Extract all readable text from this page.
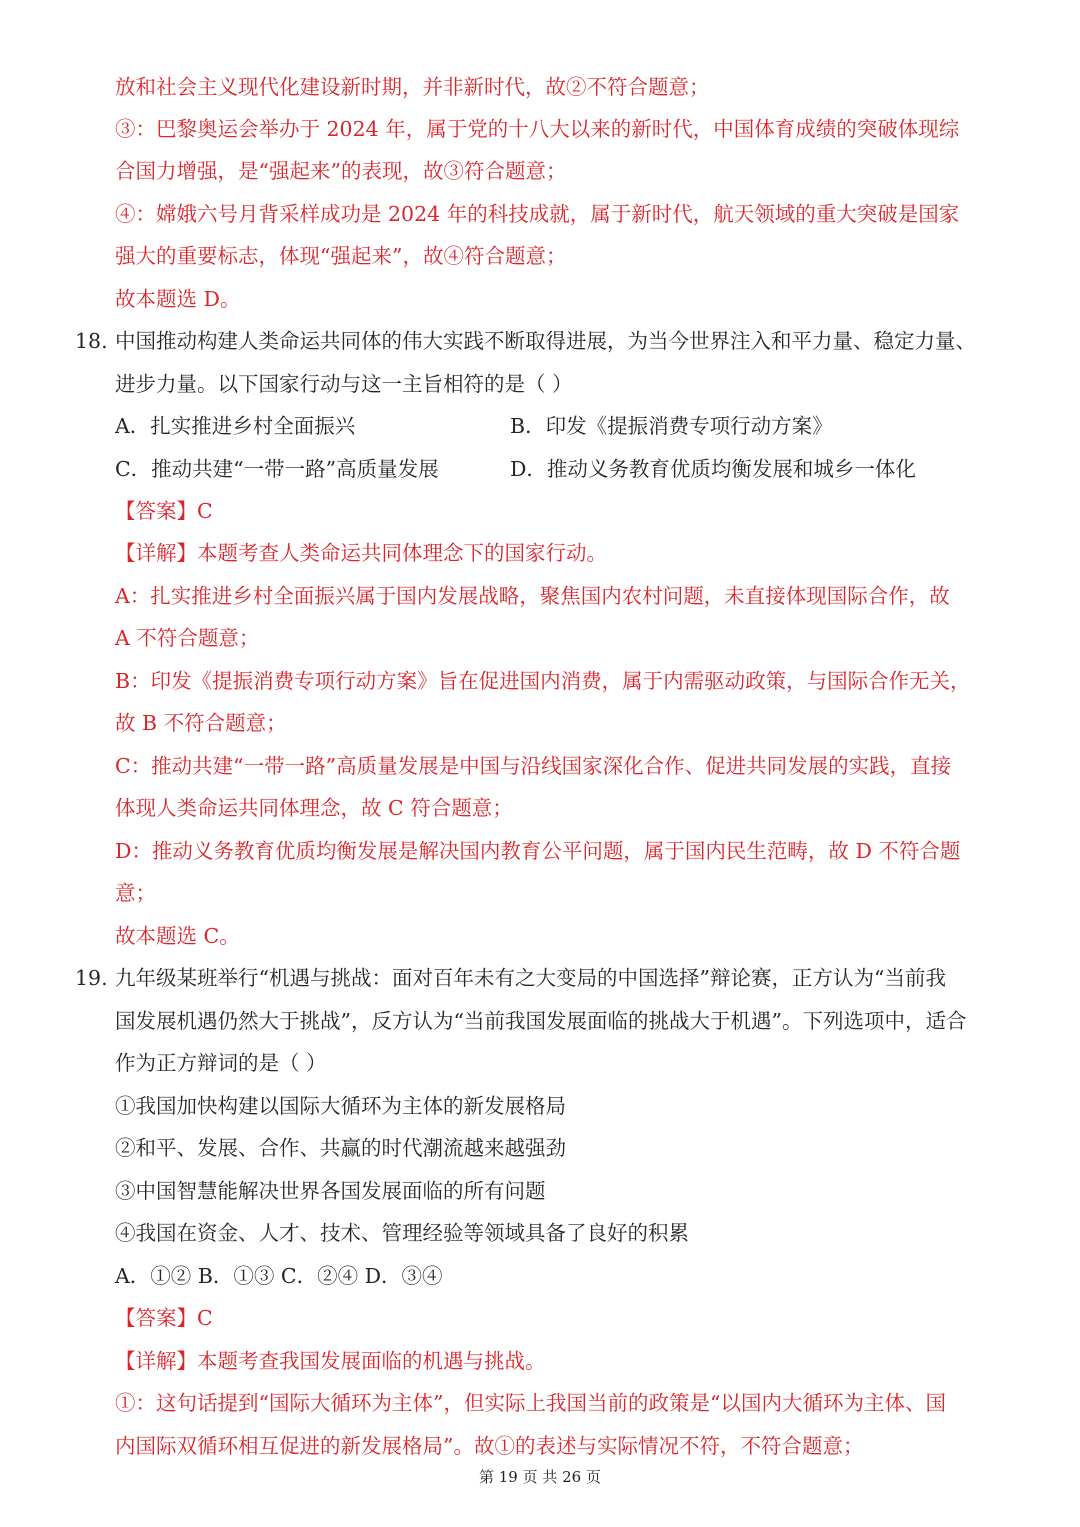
放和社会主义现代化建设新时期，并非新时代，故②不符合题意；
③：巴黎奥运会举办于 2024 年，属于党的十八大以来的新时代，中国体育成绩的突破体现综
合国力增强，是“强起来”的表现，故③符合题意；
④：嫦娥六号月背采样成功是 2024 年的科技成就，属于新时代，航天领域的重大突破是国家
强大的重要标志，体现“强起来”，故④符合题意；
故本题选 D。
18. 中国推动构建人类命运共同体的伟大实践不断取得进展，为当今世界注入和平力量、稳定力量、
进步力量。以下国家行动与这一主旨相符的是（ ）
A．扎实推进乡村全面振兴	B．印发《提振消费专项行动方案》
C．推动共建“一带一路”高质量发展	D．推动义务教育优质均衡发展和城乡一体化
【答案】C
【详解】本题考查人类命运共同体理念下的国家行动。
A：扎实推进乡村全面振兴属于国内发展战略，聚焦国内农村问题，未直接体现国际合作，故
A 不符合题意；
B：印发《提振消费专项行动方案》旨在促进国内消费，属于内需驱动政策，与国际合作无关，
故 B 不符合题意；
C：推动共建“一带一路”高质量发展是中国与沿线国家深化合作、促进共同发展的实践，直接
体现人类命运共同体理念，故 C 符合题意；
D：推动义务教育优质均衡发展是解决国内教育公平问题，属于国内民生范畴，故 D 不符合题
意；
故本题选 C。
19. 九年级某班举行“机遇与挑战：面对百年未有之大变局的中国选择”辩论赛，正方认为“当前我
国发展机遇仍然大于挑战”，反方认为“当前我国发展面临的挑战大于机遇”。下列选项中，适合
作为正方辩词的是（ ）
①我国加快构建以国际大循环为主体的新发展格局
②和平、发展、合作、共赢的时代潮流越来越强劲
③中国智慧能解决世界各国发展面临的所有问题
④我国在资金、人才、技术、管理经验等领域具备了良好的积累
A．①② B．①③ C．②④ D．③④
【答案】C
【详解】本题考查我国发展面临的机遇与挑战。
①：这句话提到“国际大循环为主体”，但实际上我国当前的政策是“以国内大循环为主体、国
内国际双循环相互促进的新发展格局”。故①的表述与实际情况不符，不符合题意；
第 19 页 共 26 页
